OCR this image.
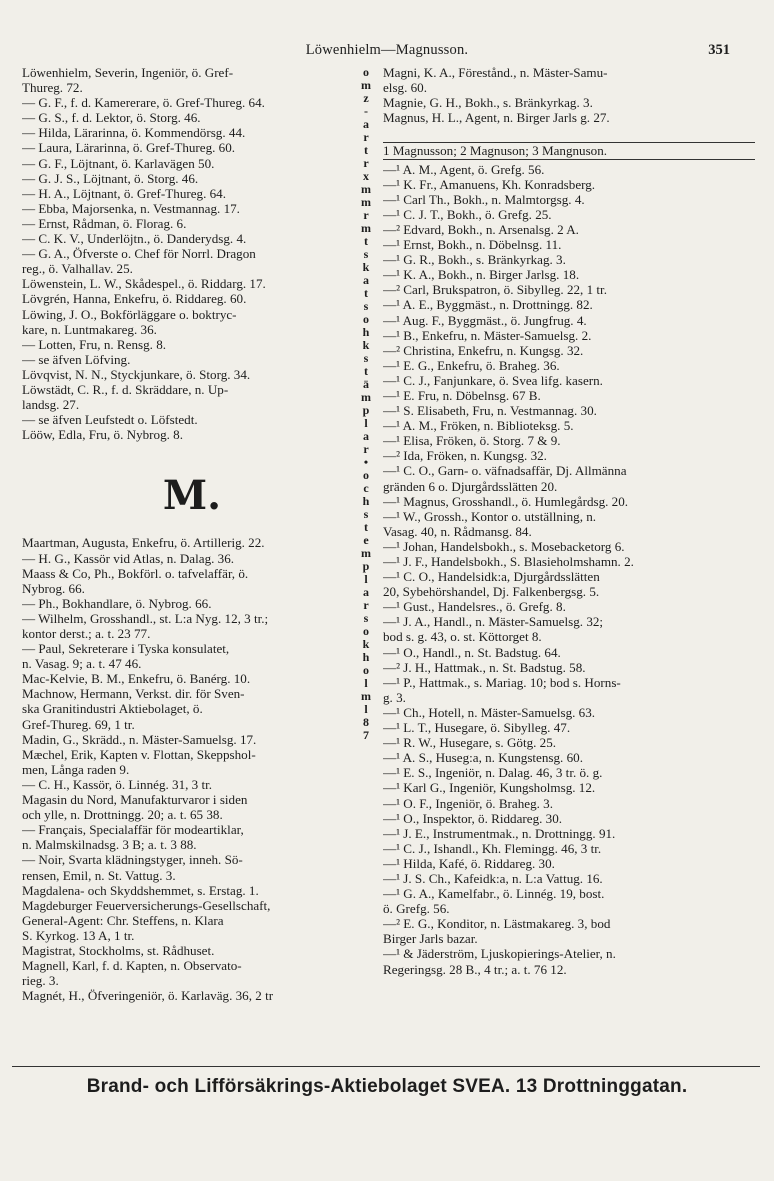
Löwenhielm—Magnusson.	351
Löwenhielm, Severin, Ingeniör, ö. Gref-
Thureg. 72.
— G. F., f. d. Kamererare, ö. Gref-Thureg. 64.
— G. S., f. d. Lektor, ö. Storg. 46.
— Hilda, Lärarinna, ö. Kommendörsg. 44.
— Laura, Lärarinna, ö. Gref-Thureg. 60.
— G. F., Löjtnant, ö. Karlavägen 50.
— G. J. S., Löjtnant, ö. Storg. 46.
— H. A., Löjtnant, ö. Gref-Thureg. 64.
— Ebba, Majorsenka, n. Vestmannag. 17.
— Ernst, Rådman, ö. Florag. 6.
— C. K. V., Underlöjtn., ö. Danderydsg. 4.
— G. A., Öfverste o. Chef för Norrl. Dragon
reg., ö. Valhallav. 25.
Löwenstein, L. W., Skådespel., ö. Riddarg. 17.
Lövgrén, Hanna, Enkefru, ö. Riddareg. 60.
Löwing, J. O., Bokförläggare o. boktryc-
kare, n. Luntmakareg. 36.
— Lotten, Fru, n. Rensg. 8.
— se äfven Löfving.
Lövqvist, N. N., Styckjunkare, ö. Storg. 34.
Löwstädt, C. R., f. d. Skräddare, n. Up-
landsg. 27.
— se äfven Leufstedt o. Löfstedt.
Lööw, Edla, Fru, ö. Nybrog. 8.
M.
Maartman, Augusta, Enkefru, ö. Artillerig. 22.
— H. G., Kassör vid Atlas, n. Dalag. 36.
Maass & Co, Ph., Bokförl. o. tafvelaffär, ö.
Nybrog. 66.
— Ph., Bokhandlare, ö. Nybrog. 66.
— Wilhelm, Grosshandl., st. L:a Nyg. 12, 3 tr.;
kontor derst.; a. t. 23 77.
— Paul, Sekreterare i Tyska konsulatet,
n. Vasag. 9; a. t. 47 46.
Mac-Kelvie, B. M., Enkefru, ö. Banérg. 10.
Machnow, Hermann, Verkst. dir. för Sven-
ska Granitindustri Aktiebolaget, ö.
Gref-Thureg. 69, 1 tr.
Madin, G., Skrädd., n. Mäster-Samuelsg. 17.
Mæchel, Erik, Kapten v. Flottan, Skeppshol-
men, Långa raden 9.
— C. H., Kassör, ö. Linnég. 31, 3 tr.
Magasin du Nord, Manufakturvaror i siden
och ylle, n. Drottningg. 20; a. t. 65 38.
— Français, Specialaffär för modeartiklar,
n. Malmskilnadsg. 3 B; a. t. 3 88.
— Noir, Svarta klädningstyger, inneh. Sö-
rensen, Emil, n. St. Vattug. 3.
Magdalena- och Skyddshemmet, s. Erstag. 1.
Magdeburger Feuerversicherungs-Gesellschaft,
General-Agent: Chr. Steffens, n. Klara
S. Kyrkog. 13 A, 1 tr.
Magistrat, Stockholms, st. Rådhuset.
Magnell, Karl, f. d. Kapten, n. Observato-
rieg. 3.
Magnét, H., Öfveringeniör, ö. Karlaväg. 36, 2 tr
o
m
z
-
a
r
t
r
x
m
m
r
m
t
s
k
a
t
s
o
h
k
s
t
ä
m
p
l
a
r
•
o
c
h
s
t
e
m
p
l
a
r
s
o
k
h
o
l
m
l
8
7
Magni, K. A., Förestånd., n. Mäster-Samu-
elsg. 60.
Magnie, G. H., Bokh., s. Bränkyrkag. 3.
Magnus, H. L., Agent, n. Birger Jarls g. 27.
1 Magnusson; 2 Magnuson; 3 Mangnuson.
—¹ A. M., Agent, ö. Grefg. 56.
—¹ K. Fr., Amanuens, Kh. Konradsberg.
—¹ Carl Th., Bokh., n. Malmtorgsg. 4.
—¹ C. J. T., Bokh., ö. Grefg. 25.
—² Edvard, Bokh., n. Arsenalsg. 2 A.
—¹ Ernst, Bokh., n. Döbelnsg. 11.
—¹ G. R., Bokh., s. Bränkyrkag. 3.
—¹ K. A., Bokh., n. Birger Jarlsg. 18.
—² Carl, Brukspatron, ö. Sibylleg. 22, 1 tr.
—¹ A. E., Byggmäst., n. Drottningg. 82.
—¹ Aug. F., Byggmäst., ö. Jungfrug. 4.
—¹ B., Enkefru, n. Mäster-Samuelsg. 2.
—² Christina, Enkefru, n. Kungsg. 32.
—¹ E. G., Enkefru, ö. Braheg. 36.
—¹ C. J., Fanjunkare, ö. Svea lifg. kasern.
—¹ E. Fru, n. Döbelnsg. 67 B.
—¹ S. Elisabeth, Fru, n. Vestmannag. 30.
—¹ A. M., Fröken, n. Biblioteksg. 5.
—¹ Elisa, Fröken, ö. Storg. 7 & 9.
—² Ida, Fröken, n. Kungsg. 32.
—¹ C. O., Garn- o. väfnadsaffär, Dj. Allmänna
gränden 6 o. Djurgårdsslätten 20.
—¹ Magnus, Grosshandl., ö. Humlegårdsg. 20.
—¹ W., Grossh., Kontor o. utställning, n.
Vasag. 40, n. Rådmansg. 84.
—¹ Johan, Handelsbokh., s. Mosebacketorg 6.
—¹ J. F., Handelsbokh., S. Blasieholmshamn. 2.
—¹ C. O., Handelsidk:a, Djurgårdsslätten
20, Sybehörshandel, Dj. Falkenbergsg. 5.
—¹ Gust., Handelsres., ö. Grefg. 8.
—¹ J. A., Handl., n. Mäster-Samuelsg. 32;
bod s. g. 43, o. st. Köttorget 8.
—¹ O., Handl., n. St. Badstug. 64.
—² J. H., Hattmak., n. St. Badstug. 58.
—¹ P., Hattmak., s. Mariag. 10; bod s. Horns-
g. 3.
—¹ Ch., Hotell, n. Mäster-Samuelsg. 63.
—¹ L. T., Husegare, ö. Sibylleg. 47.
—¹ R. W., Husegare, s. Götg. 25.
—¹ A. S., Huseg:a, n. Kungstensg. 60.
—¹ E. S., Ingeniör, n. Dalag. 46, 3 tr. ö. g.
—¹ Karl G., Ingeniör, Kungsholmsg. 12.
—¹ O. F., Ingeniör, ö. Braheg. 3.
—¹ O., Inspektor, ö. Riddareg. 30.
—¹ J. E., Instrumentmak., n. Drottningg. 91.
—¹ C. J., Ishandl., Kh. Flemingg. 46, 3 tr.
—¹ Hilda, Kafé, ö. Riddareg. 30.
—¹ J. S. Ch., Kafeidk:a, n. L:a Vattug. 16.
—¹ G. A., Kamelfabr., ö. Linnég. 19, bost.
ö. Grefg. 56.
—² E. G., Konditor, n. Lästmakareg. 3, bod
Birger Jarls bazar.
—¹ & Jäderström, Ljuskopierings-Atelier, n.
Regeringsg. 28 B., 4 tr.; a. t. 76 12.
Brand- och Lifförsäkrings-Aktiebolaget SVEA. 13 Drottninggatan.
